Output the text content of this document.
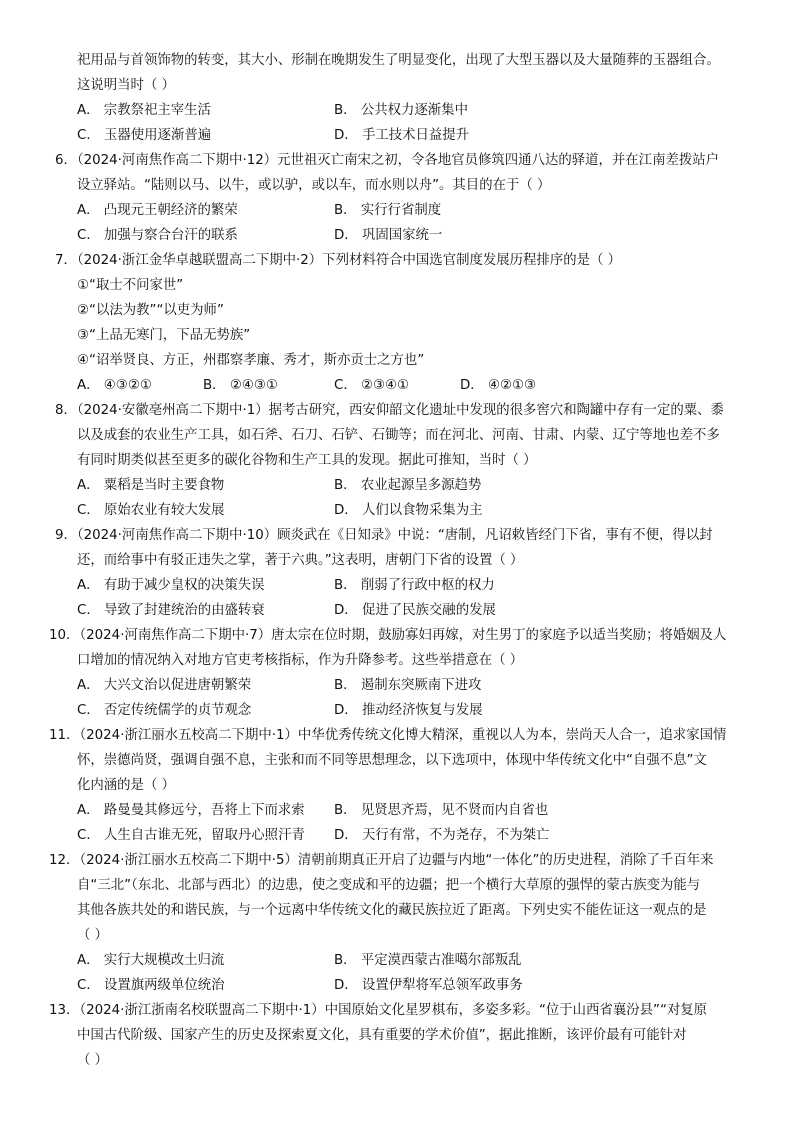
祀用品与首领饰物的转变，其大小、形制在晚期发生了明显变化，出现了大型玉器以及大量随葬的玉器组合。
这说明当时（ ）
A． 宗教祭祀主宰生活	B． 公共权力逐渐集中
C． 玉器使用逐渐普遍	D． 手工技术日益提升
6．（2024·河南焦作高二下期中·12）元世祖灭亡南宋之初，令各地官员修筑四通八达的驿道，并在江南差拨站户
设立驿站。“陆则以马、以牛，或以驴，或以车，而水则以舟”。其目的在于（ ）
A． 凸现元王朝经济的繁荣	B． 实行行省制度
C． 加强与察合台汗的联系	D． 巩固国家统一
7．（2024·浙江金华卓越联盟高二下期中·2）下列材料符合中国选官制度发展历程排序的是（ ）
①“取士不问家世”
②“以法为教”“以吏为师”
③“上品无寒门，下品无势族”
④“诏举贤良、方正，州郡察孝廉、秀才，斯亦贡士之方也”
A． ④③②①	B． ②④③①	C． ②③④①	D． ④②①③
8．（2024·安徽亳州高二下期中·1）据考古研究，西安仰韶文化遗址中发现的很多窖穴和陶罐中存有一定的粟、黍
以及成套的农业生产工具，如石斧、石刀、石铲、石锄等；而在河北、河南、甘肃、内蒙、辽宁等地也差不多
有同时期类似甚至更多的碳化谷物和生产工具的发现。据此可推知，当时（ ）
A． 粟稻是当时主要食物	B． 农业起源呈多源趋势
C． 原始农业有较大发展	D． 人们以食物采集为主
9．（2024·河南焦作高二下期中·10）顾炎武在《日知录》中说：“唐制，凡诏敕皆经门下省，事有不便，得以封
还，而给事中有驳正违失之掌，著于六典。”这表明，唐朝门下省的设置（ ）
A． 有助于减少皇权的决策失误	B． 削弱了行政中枢的权力
C． 导致了封建统治的由盛转衰	D． 促进了民族交融的发展
10．（2024·河南焦作高二下期中·7）唐太宗在位时期，鼓励寡妇再嫁，对生男丁的家庭予以适当奖励；将婚姻及人
口增加的情况纳入对地方官吏考核指标，作为升降参考。这些举措意在（ ）
A． 大兴文治以促进唐朝繁荣	B． 遏制东突厥南下进攻
C． 否定传统儒学的贞节观念	D． 推动经济恢复与发展
11．（2024·浙江丽水五校高二下期中·1）中华优秀传统文化博大精深，重视以人为本，崇尚天人合一，追求家国情
怀，崇德尚贤，强调自强不息，主张和而不同等思想理念，以下选项中，体现中华传统文化中“自强不息”文
化内涵的是（ ）
A． 路曼曼其修远兮，吾将上下而求索 B． 见贤思齐焉，见不贤而内自省也
C． 人生自古谁无死，留取丹心照汗青 D． 天行有常，不为尧存，不为桀亡
12．（2024·浙江丽水五校高二下期中·5）清朝前期真正开启了边疆与内地“一体化”的历史进程，消除了千百年来
自“三北”（东北、北部与西北）的边患，使之变成和平的边疆；把一个横行大草原的强悍的蒙古族变为能与
其他各族共处的和谐民族，与一个远离中华传统文化的藏民族拉近了距离。下列史实不能佐证这一观点的是
（ ）
A． 实行大规模改土归流	B． 平定漠西蒙古准噶尔部叛乱
C． 设置旗两级单位统治	D． 设置伊犁将军总领军政事务
13．（2024·浙江浙南名校联盟高二下期中·1）中国原始文化星罗棋布，多姿多彩。“位于山西省襄汾县”“对复原
中国古代阶级、国家产生的历史及探索夏文化，具有重要的学术价值”，据此推断，该评价最有可能针对
（ ）
